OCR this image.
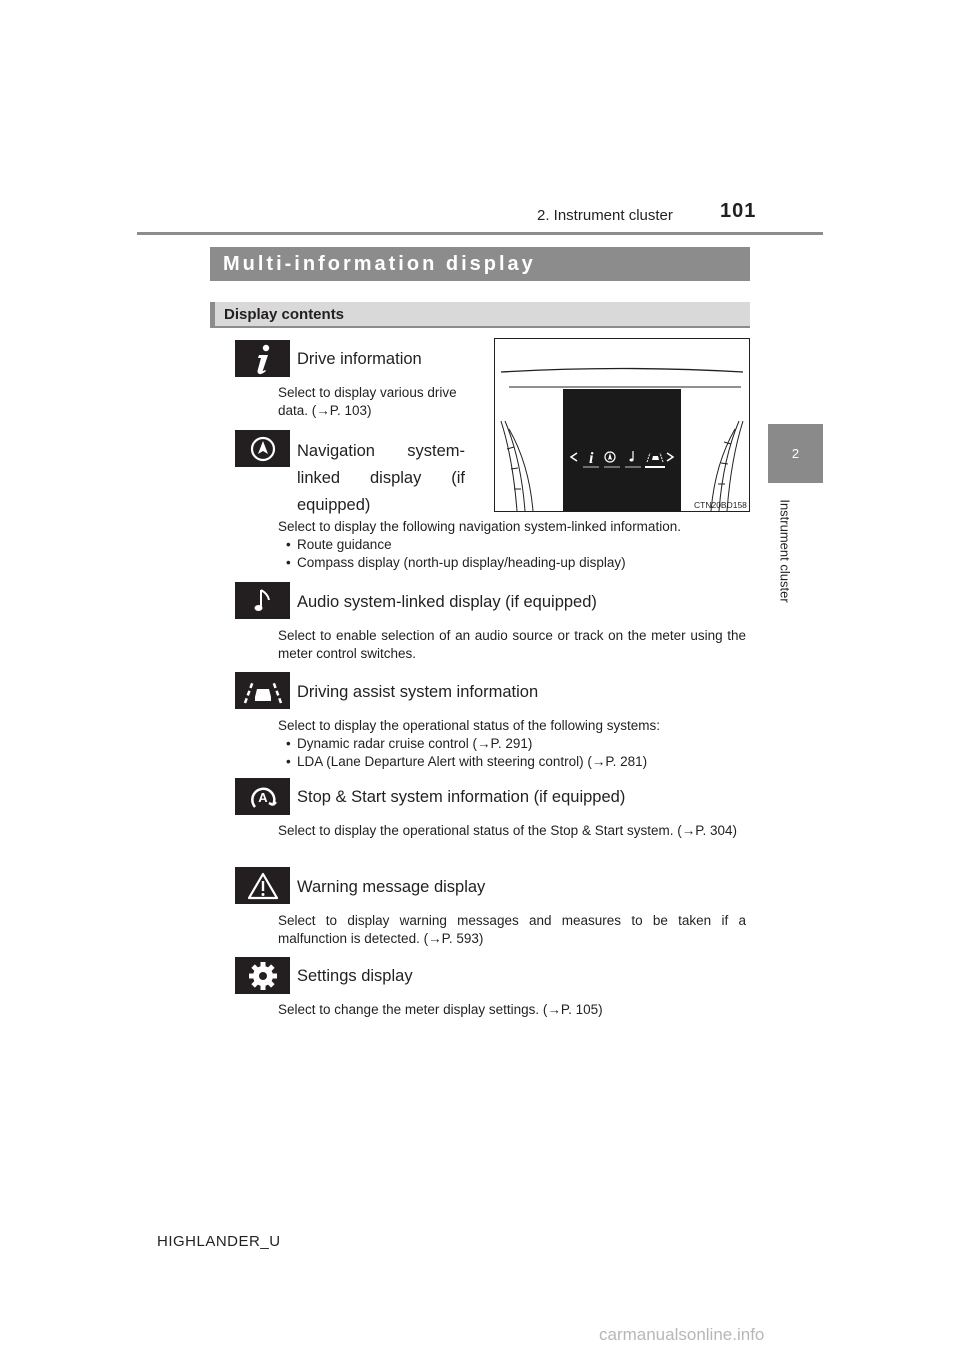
2. Instrument cluster 101
2
Instrument cluster
Multi-information display
Display contents
Drive information
Select to display various drive data. (→P. 103)
Navigation system-linked display (if equipped)
Select to display the following navigation system-linked information.
• Route guidance
• Compass display (north-up display/heading-up display)
Audio system-linked display (if equipped)
Select to enable selection of an audio source or track on the meter using the meter control switches.
Driving assist system information
Select to display the operational status of the following systems:
• Dynamic radar cruise control (→P. 291)
• LDA (Lane Departure Alert with steering control) (→P. 281)
A Stop & Start system information (if equipped)
Select to display the operational status of the Stop & Start system. (→P. 304)
Warning message display
Select to display warning messages and measures to be taken if a malfunction is detected. (→P. 593)
Settings display
Select to change the meter display settings. (→P. 105)
i
CTN20BD158
HIGHLANDER_U
carmanualsonline.info
